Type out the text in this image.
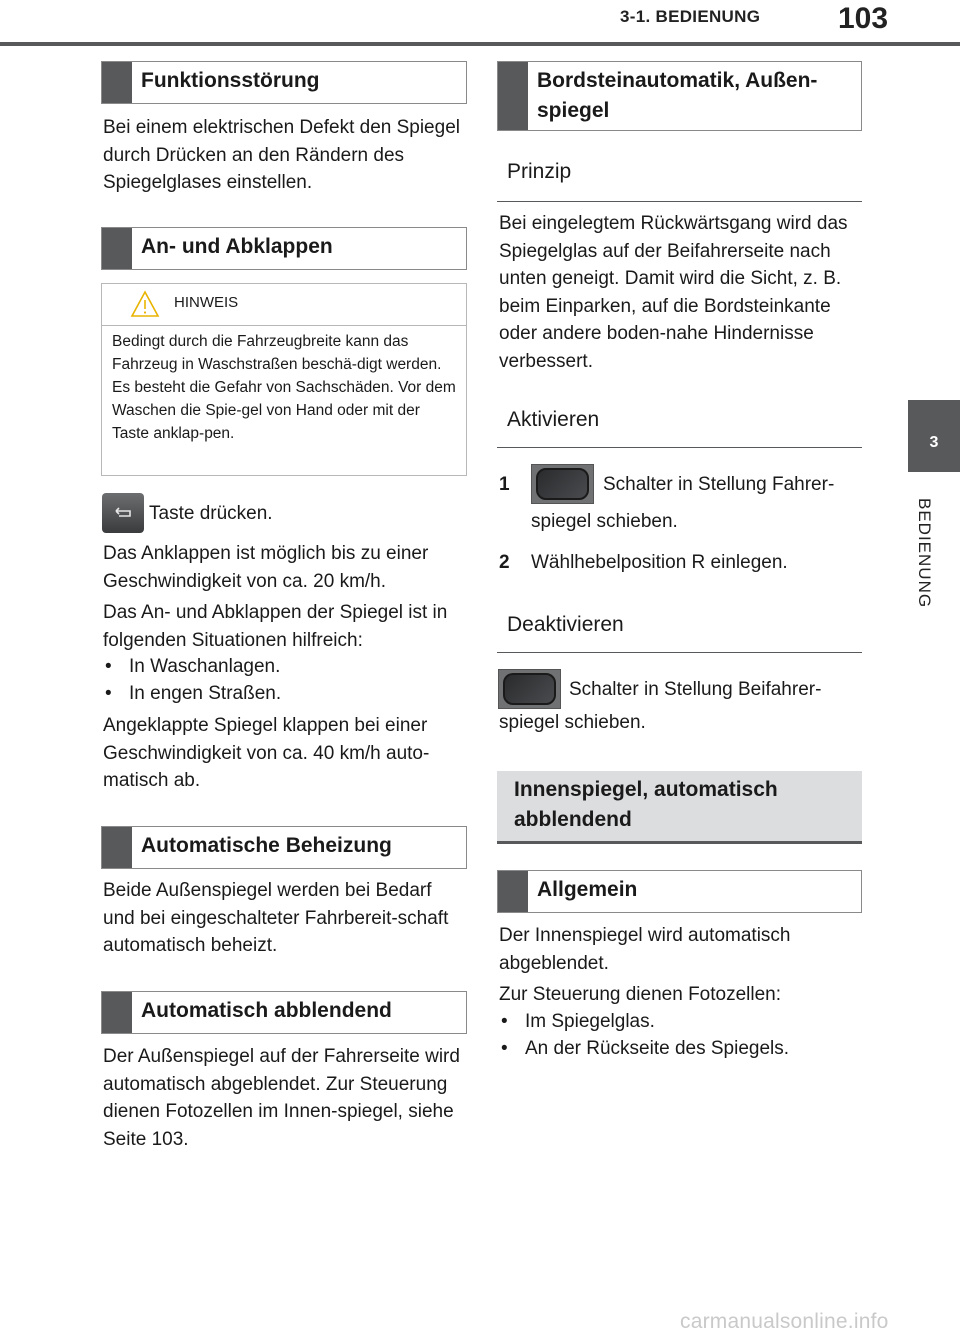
3-1. BEDIENUNG	103
3
BEDIENUNG
Funktionsstörung
Bei einem elektrischen Defekt den Spiegel durch Drücken an den Rändern des Spiegelglases einstellen.
An- und Abklappen
HINWEIS
Bedingt durch die Fahrzeugbreite kann das Fahrzeug in Waschstraßen beschä-digt werden. Es besteht die Gefahr von Sachschäden. Vor dem Waschen die Spie-gel von Hand oder mit der Taste anklap-pen.
Taste drücken.
Das Anklappen ist möglich bis zu einer Geschwindigkeit von ca. 20 km/h.
Das An- und Abklappen der Spiegel ist in folgenden Situationen hilfreich:
• In Waschanlagen.
• In engen Straßen.
Angeklappte Spiegel klappen bei einer Geschwindigkeit von ca. 40 km/h auto-matisch ab.
Automatische Beheizung
Beide Außenspiegel werden bei Bedarf und bei eingeschalteter Fahrbereit-schaft automatisch beheizt.
Automatisch abblendend
Der Außenspiegel auf der Fahrerseite wird automatisch abgeblendet. Zur Steuerung dienen Fotozellen im Innen-spiegel, siehe Seite 103.
Bordsteinautomatik, Außen-spiegel
Prinzip
Bei eingelegtem Rückwärtsgang wird das Spiegelglas auf der Beifahrerseite nach unten geneigt. Damit wird die Sicht, z. B. beim Einparken, auf die Bordsteinkante oder andere boden-nahe Hindernisse verbessert.
Aktivieren
1	Schalter in Stellung Fahrer-
spiegel schieben.
2	Wählhebelposition R einlegen.
Deaktivieren
Schalter in Stellung Beifahrer-
spiegel schieben.
Innenspiegel, automatisch abblendend
Allgemein
Der Innenspiegel wird automatisch abgeblendet.
Zur Steuerung dienen Fotozellen:
• Im Spiegelglas.
• An der Rückseite des Spiegels.
carmanualsonline.info
